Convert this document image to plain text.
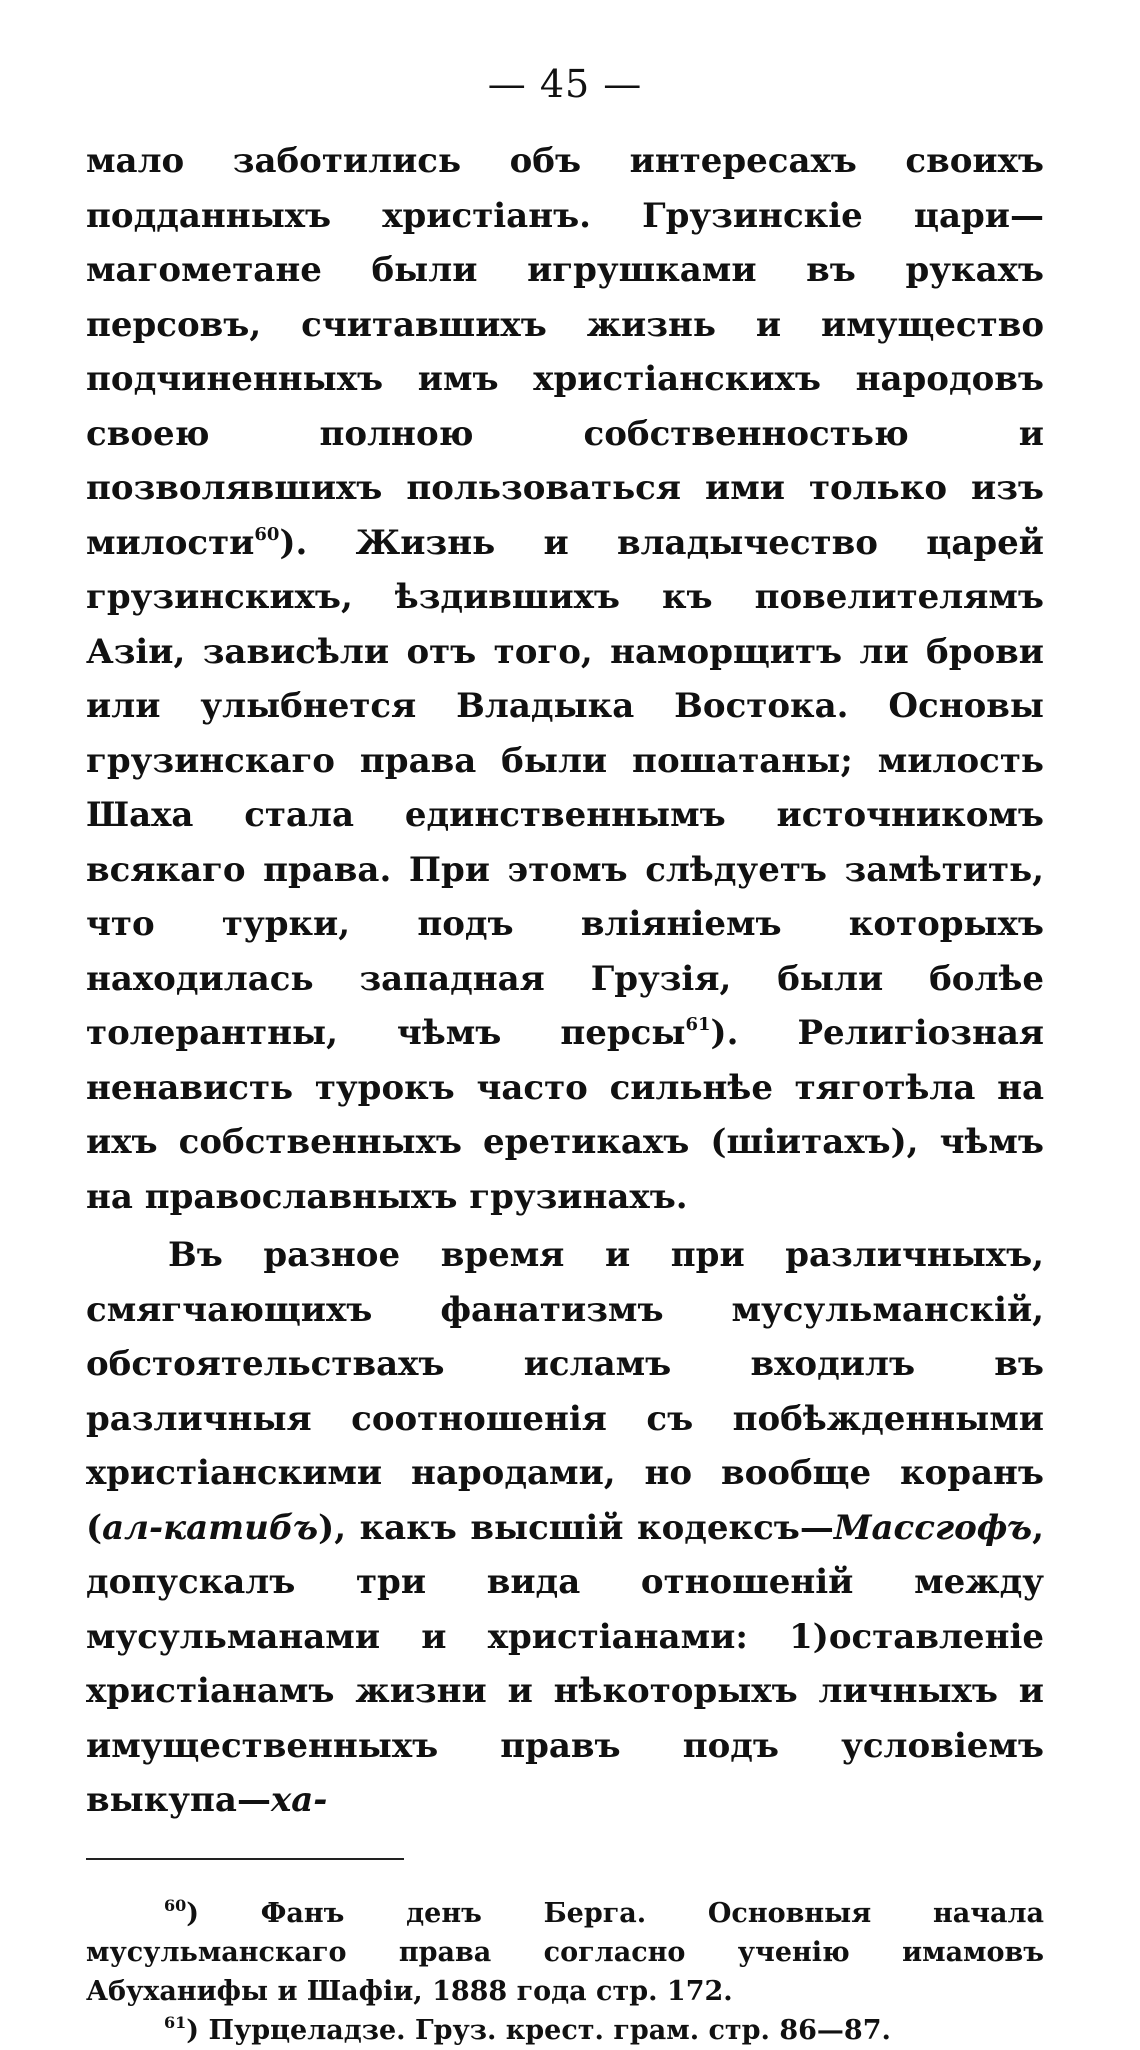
— 45 —

мало заботились объ интересахъ своихъ подданныхъ христіанъ. Грузинскіе цари—магометане были игрушками въ рукахъ персовъ, считавшихъ жизнь и имущество подчиненныхъ имъ христіанскихъ народовъ своею полною собственностью и позволявшихъ пользоваться ими только изъ милости$^{60}$). Жизнь и владычество царей грузинскихъ, ѣздившихъ къ повелителямъ Азіи, зависѣли отъ того, наморщитъ ли брови или улыбнется Владыка Востока. Основы грузинскаго права были пошатаны; милость Шаха стала единственнымъ источникомъ всякаго права. При этомъ слѣдуетъ замѣтить, что турки, подъ вліяніемъ которыхъ находилась западная Грузія, были болѣе толерантны, чѣмъ персы$^{61}$). Религіозная ненависть турокъ часто сильнѣе тяготѣла на ихъ собственныхъ еретикахъ (шіитахъ), чѣмъ на православныхъ грузинахъ.

Въ разное время и при различныхъ, смягчающихъ фанатизмъ мусульманскій, обстоятельствахъ исламъ входилъ въ различныя соотношенія съ побѣжденными христіанскими народами, но вообще коранъ (ал-катибъ), какъ высшій кодексъ—Массгофъ, допускалъ три вида отношеній между мусульманами и христіанами: 1)оставленіе христіанамъ жизни и нѣкоторыхъ личныхъ и имущественныхъ правъ подъ условіемъ выкупа—ха-

$^{60}$) Фанъ денъ Берга. Основныя начала мусульманскаго права согласно ученію имамовъ Абуханифы и Шафіи, 1888 года стр. 172.

$^{61}$) Пурцеладзе. Груз. крест. грам. стр. 86—87.
